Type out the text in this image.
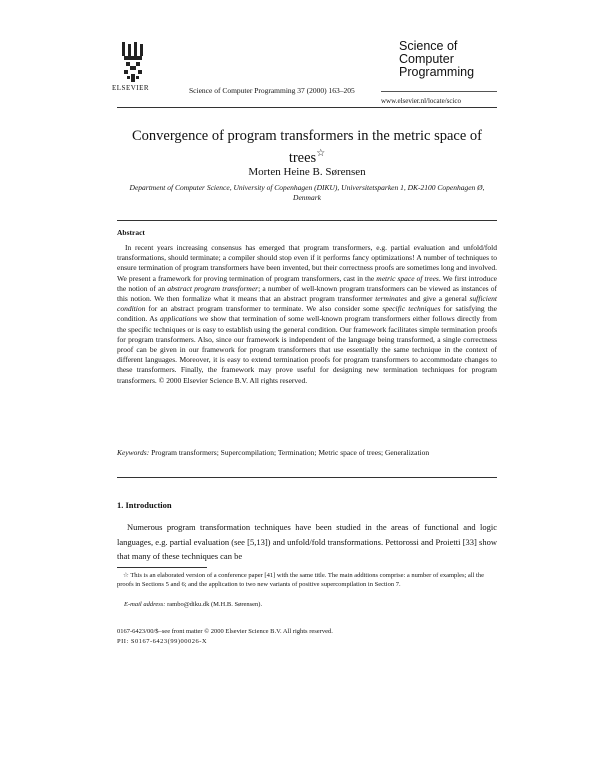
ELSEVIER	Science of Computer Programming 37 (2000) 163–205
Science of
Computer
Programming
www.elsevier.nl/locate/scico
Convergence of program transformers in the metric space of trees☆
Morten Heine B. Sørensen
Department of Computer Science, University of Copenhagen (DIKU), Universitetsparken 1, DK-2100 Copenhagen Ø, Denmark
Abstract

In recent years increasing consensus has emerged that program transformers, e.g. partial evaluation and unfold/fold transformations, should terminate; a compiler should stop even if it performs fancy optimizations! A number of techniques to ensure termination of program transformers have been invented, but their correctness proofs are sometimes long and involved. We present a framework for proving termination of program transformers, cast in the metric space of trees. We first introduce the notion of an abstract program transformer; a number of well-known program transformers can be viewed as instances of this notion. We then formalize what it means that an abstract program transformer terminates and give a general sufficient condition for an abstract program transformer to terminate. We also consider some specific techniques for satisfying the condition. As applications we show that termination of some well-known program transformers either follows directly from the specific techniques or is easy to establish using the general condition. Our framework facilitates simple termination proofs for program transformers. Also, since our framework is independent of the language being transformed, a single correctness proof can be given in our framework for program transformers that use essentially the same technique in the context of different languages. Moreover, it is easy to extend termination proofs for program transformers to accommodate changes to these transformers. Finally, the framework may prove useful for designing new termination techniques for program transformers. © 2000 Elsevier Science B.V. All rights reserved.

Keywords: Program transformers; Supercompilation; Termination; Metric space of trees; Generalization
1. Introduction

Numerous program transformation techniques have been studied in the areas of functional and logic languages, e.g. partial evaluation (see [5,13]) and unfold/fold transformations. Pettorossi and Proietti [33] show that many of these techniques can be

☆ This is an elaborated version of a conference paper [41] with the same title. The main additions comprise: a number of examples; all the proofs in Sections 5 and 6; and the application to two new variants of positive supercompilation in Section 7.

E-mail address: rambo@diku.dk (M.H.B. Sørensen).
0167-6423/00/$–see front matter © 2000 Elsevier Science B.V. All rights reserved.
PII: S0167-6423(99)00026-X
